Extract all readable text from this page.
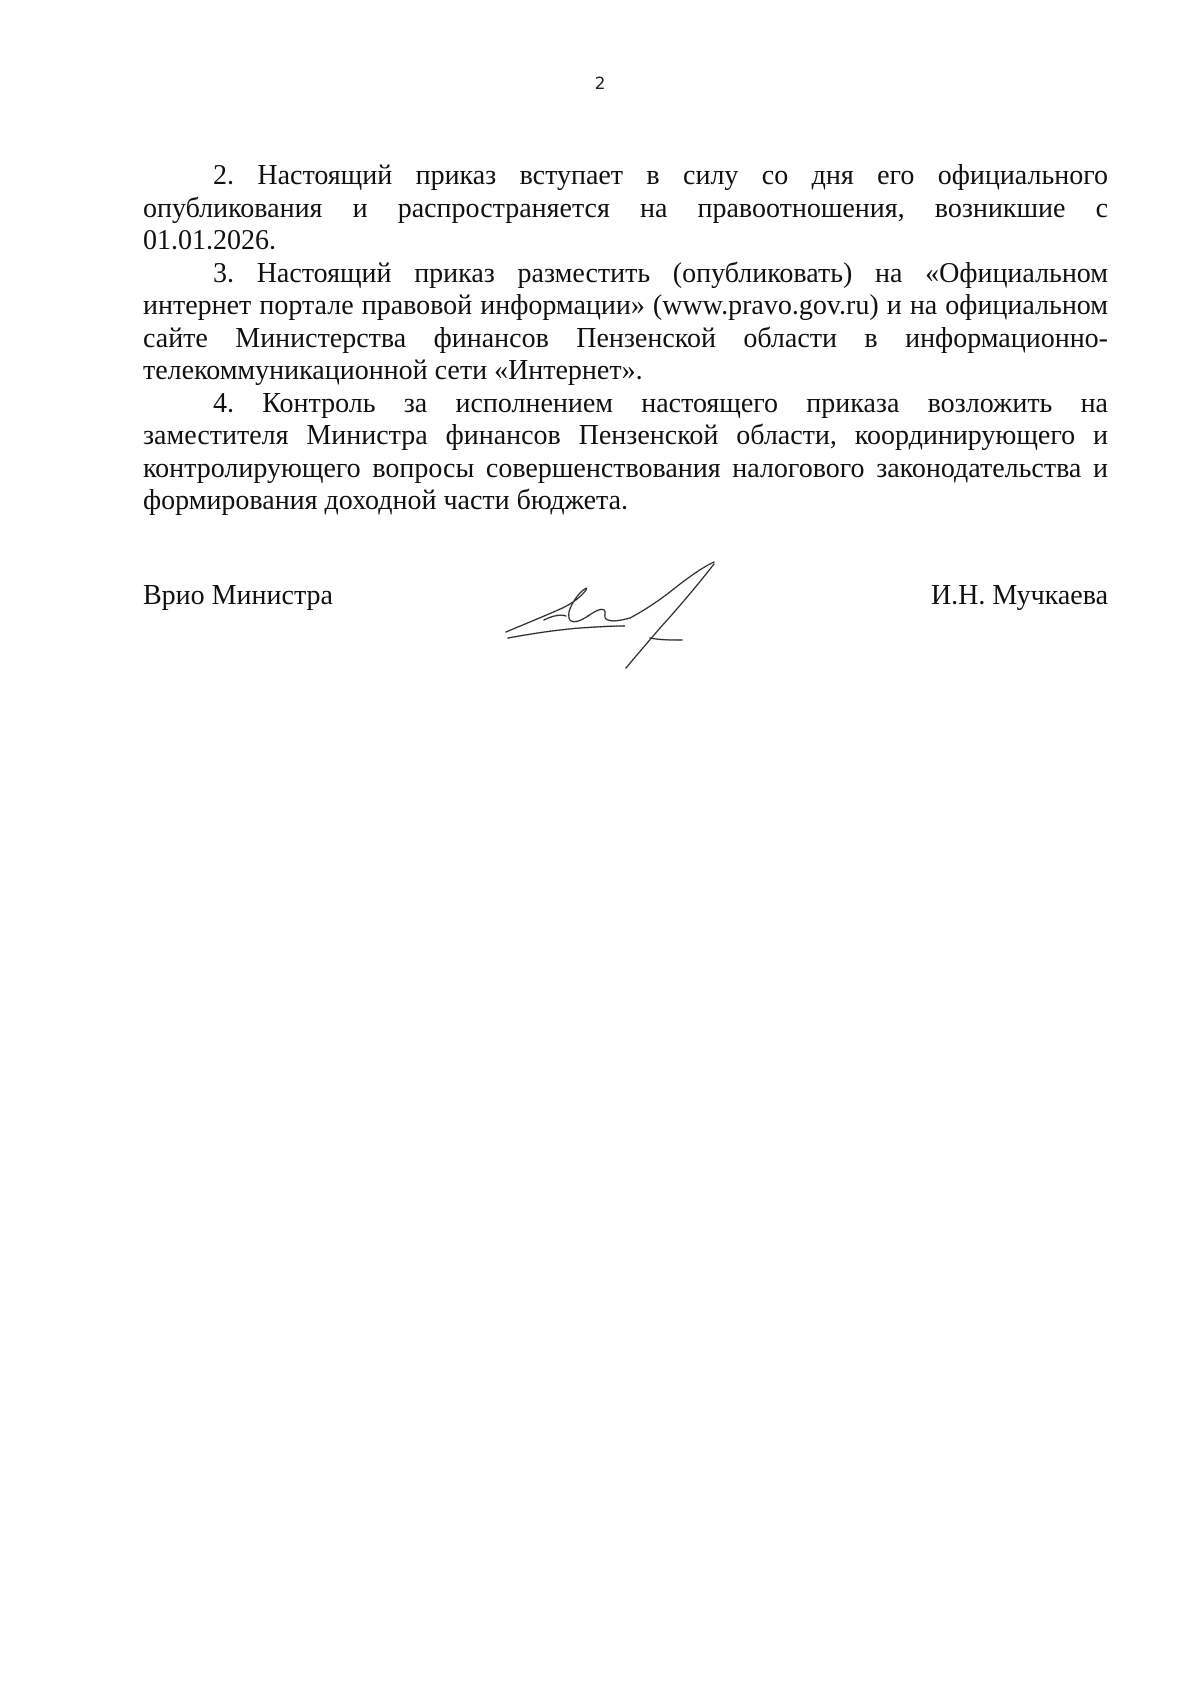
2

2. Настоящий приказ вступает в силу со дня его официального опубликования и распространяется на правоотношения, возникшие с 01.01.2026.

3. Настоящий приказ разместить (опубликовать) на «Официальном интернет портале правовой информации» (www.pravo.gov.ru) и на официальном сайте Министерства финансов Пензенской области в информационно-телекоммуникационной сети «Интернет».

4. Контроль за исполнением настоящего приказа возложить на заместителя Министра финансов Пензенской области, координирующего и контролирующего вопросы совершенствования налогового законодательства и формирования доходной части бюджета.

Врио Министра	И.Н. Мучкаева
